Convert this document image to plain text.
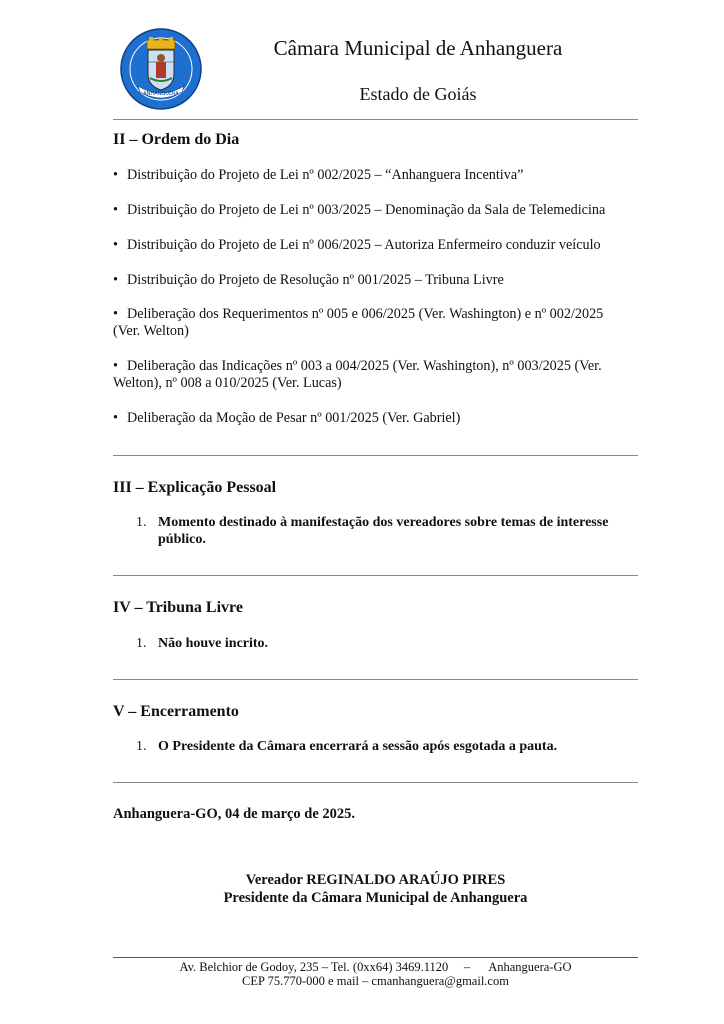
ANHANGUERA
Câmara Municipal de Anhanguera
Estado de Goiás
II – Ordem do Dia
• Distribuição do Projeto de Lei nº 002/2025 – “Anhanguera Incentiva”
• Distribuição do Projeto de Lei nº 003/2025 – Denominação da Sala de Telemedicina
• Distribuição do Projeto de Lei nº 006/2025 – Autoriza Enfermeiro conduzir veículo
• Distribuição do Projeto de Resolução nº 001/2025 – Tribuna Livre
• Deliberação dos Requerimentos nº 005 e 006/2025 (Ver. Washington) e nº 002/2025 (Ver. Welton)
• Deliberação das Indicações nº 003 a 004/2025 (Ver. Washington), nº 003/2025 (Ver. Welton), nº 008 a 010/2025 (Ver. Lucas)
• Deliberação da Moção de Pesar nº 001/2025 (Ver. Gabriel)
III – Explicação Pessoal
1. Momento destinado à manifestação dos vereadores sobre temas de interesse público.
IV – Tribuna Livre
1. Não houve incrito.
V – Encerramento
1. O Presidente da Câmara encerrará a sessão após esgotada a pauta.
Anhanguera-GO, 04 de março de 2025.
Vereador REGINALDO ARAÚJO PIRES
Presidente da Câmara Municipal de Anhanguera
Av. Belchior de Godoy, 235 – Tel. (0xx64) 3469.1120     –      Anhanguera-GO
CEP 75.770-000 e mail – cmanhanguera@gmail.com
